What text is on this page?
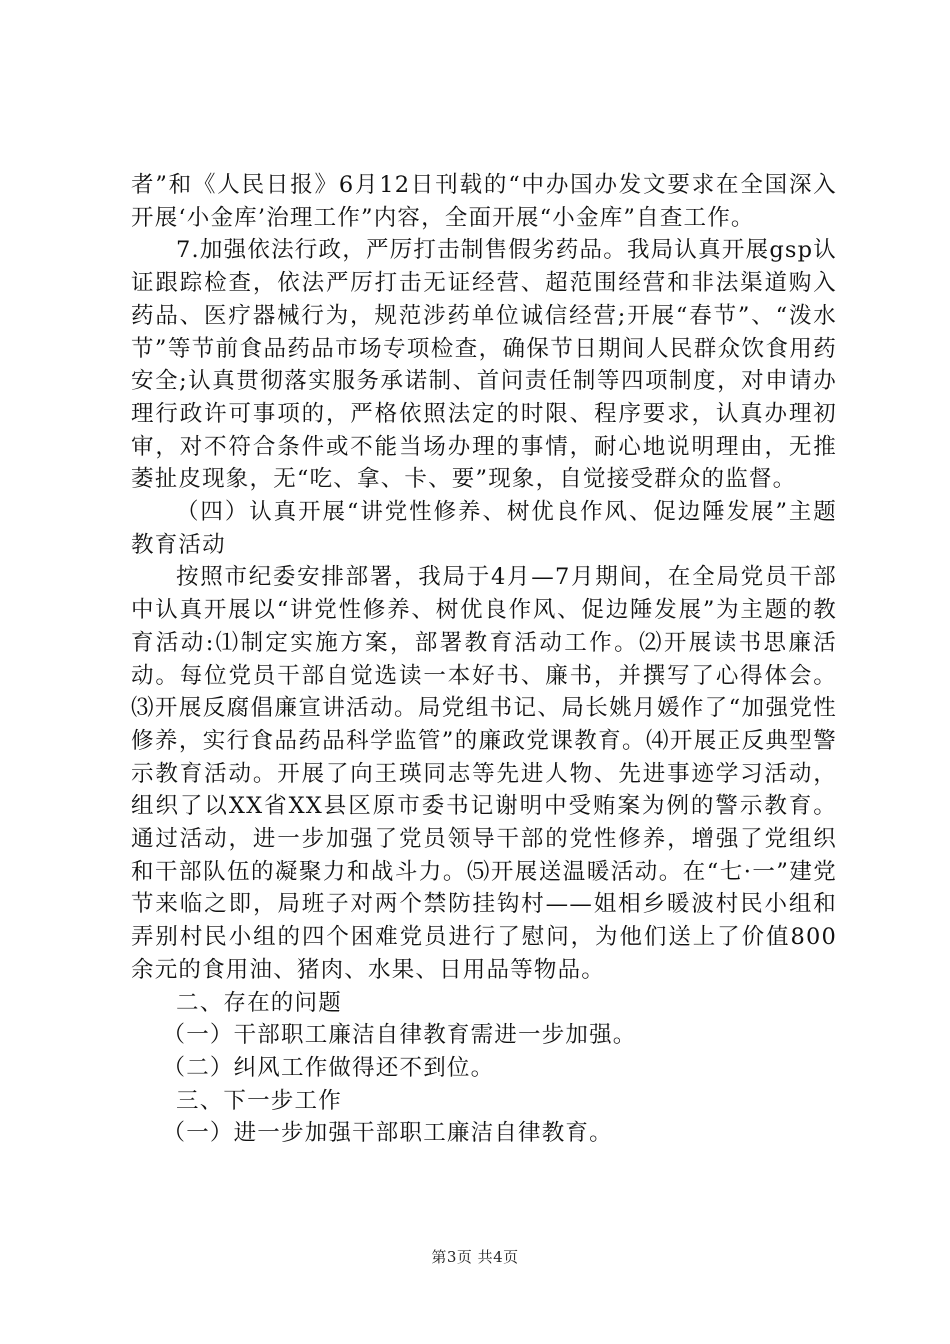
者”和《人民日报》6月12日刊载的“中办国办发文要求在全国深入开展‘小金库’治理工作”内容，全面开展“小金库”自查工作。

7.加强依法行政，严厉打击制售假劣药品。我局认真开展gsp认证跟踪检查，依法严厉打击无证经营、超范围经营和非法渠道购入药品、医疗器械行为，规范涉药单位诚信经营;开展“春节”、“泼水节”等节前食品药品市场专项检查，确保节日期间人民群众饮食用药安全;认真贯彻落实服务承诺制、首问责任制等四项制度，对申请办理行政许可事项的，严格依照法定的时限、程序要求，认真办理初审，对不符合条件或不能当场办理的事情，耐心地说明理由，无推萎扯皮现象，无“吃、拿、卡、要”现象，自觉接受群众的监督。

（四）认真开展“讲党性修养、树优良作风、促边陲发展”主题教育活动

按照市纪委安排部署，我局于4月—7月期间，在全局党员干部中认真开展以“讲党性修养、树优良作风、促边陲发展”为主题的教育活动:⑴制定实施方案，部署教育活动工作。⑵开展读书思廉活动。每位党员干部自觉选读一本好书、廉书，并撰写了心得体会。⑶开展反腐倡廉宣讲活动。局党组书记、局长姚月媛作了“加强党性修养，实行食品药品科学监管”的廉政党课教育。⑷开展正反典型警示教育活动。开展了向王瑛同志等先进人物、先进事迹学习活动，组织了以XX省XX县区原市委书记谢明中受贿案为例的警示教育。通过活动，进一步加强了党员领导干部的党性修养，增强了党组织和干部队伍的凝聚力和战斗力。⑸开展送温暖活动。在“七·一”建党节来临之即，局班子对两个禁防挂钩村——姐相乡暖波村民小组和弄别村民小组的四个困难党员进行了慰问，为他们送上了价值800余元的食用油、猪肉、水果、日用品等物品。

二、存在的问题

（一）干部职工廉洁自律教育需进一步加强。

（二）纠风工作做得还不到位。

三、下一步工作

（一）进一步加强干部职工廉洁自律教育。

第3页 共4页
